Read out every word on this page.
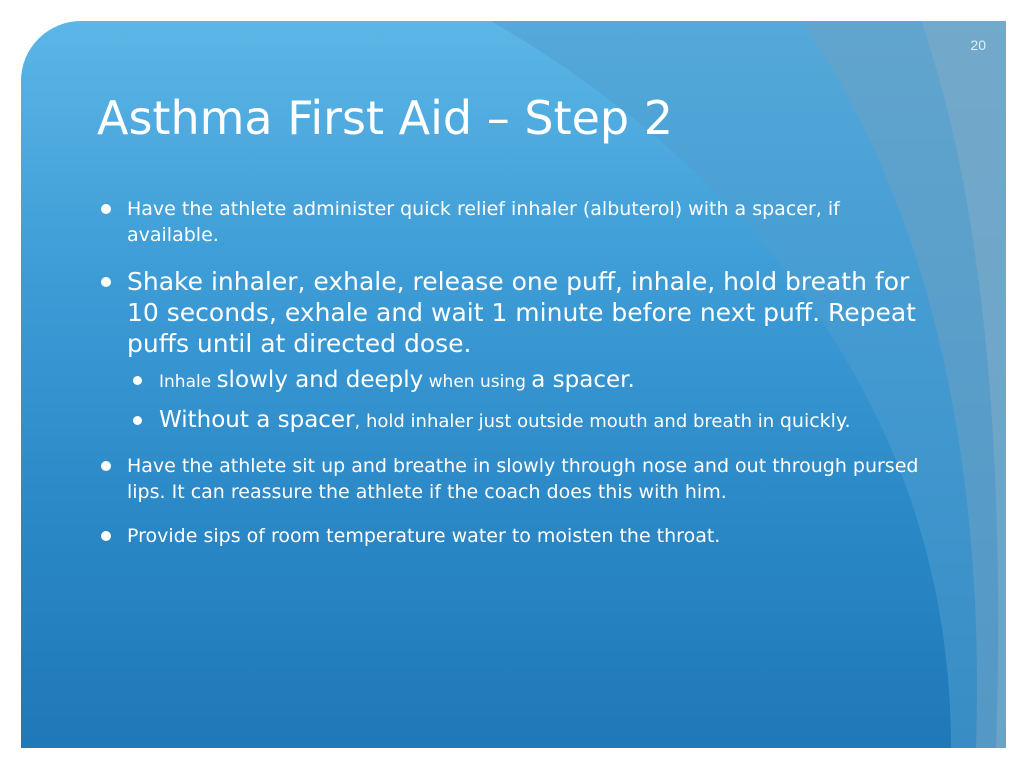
20
Asthma First Aid – Step 2
Have the athlete administer quick relief inhaler (albuterol) with a spacer, if available.
Shake inhaler, exhale, release one puff, inhale, hold breath for 10 seconds, exhale and wait 1 minute before next puff. Repeat puffs until at directed dose.
Inhale slowly and deeply when using a spacer.
Without a spacer, hold inhaler just outside mouth and breath in quickly.
Have the athlete sit up and breathe in slowly through nose and out through pursed lips. It can reassure the athlete if the coach does this with him.
Provide sips of room temperature water to moisten the throat.
